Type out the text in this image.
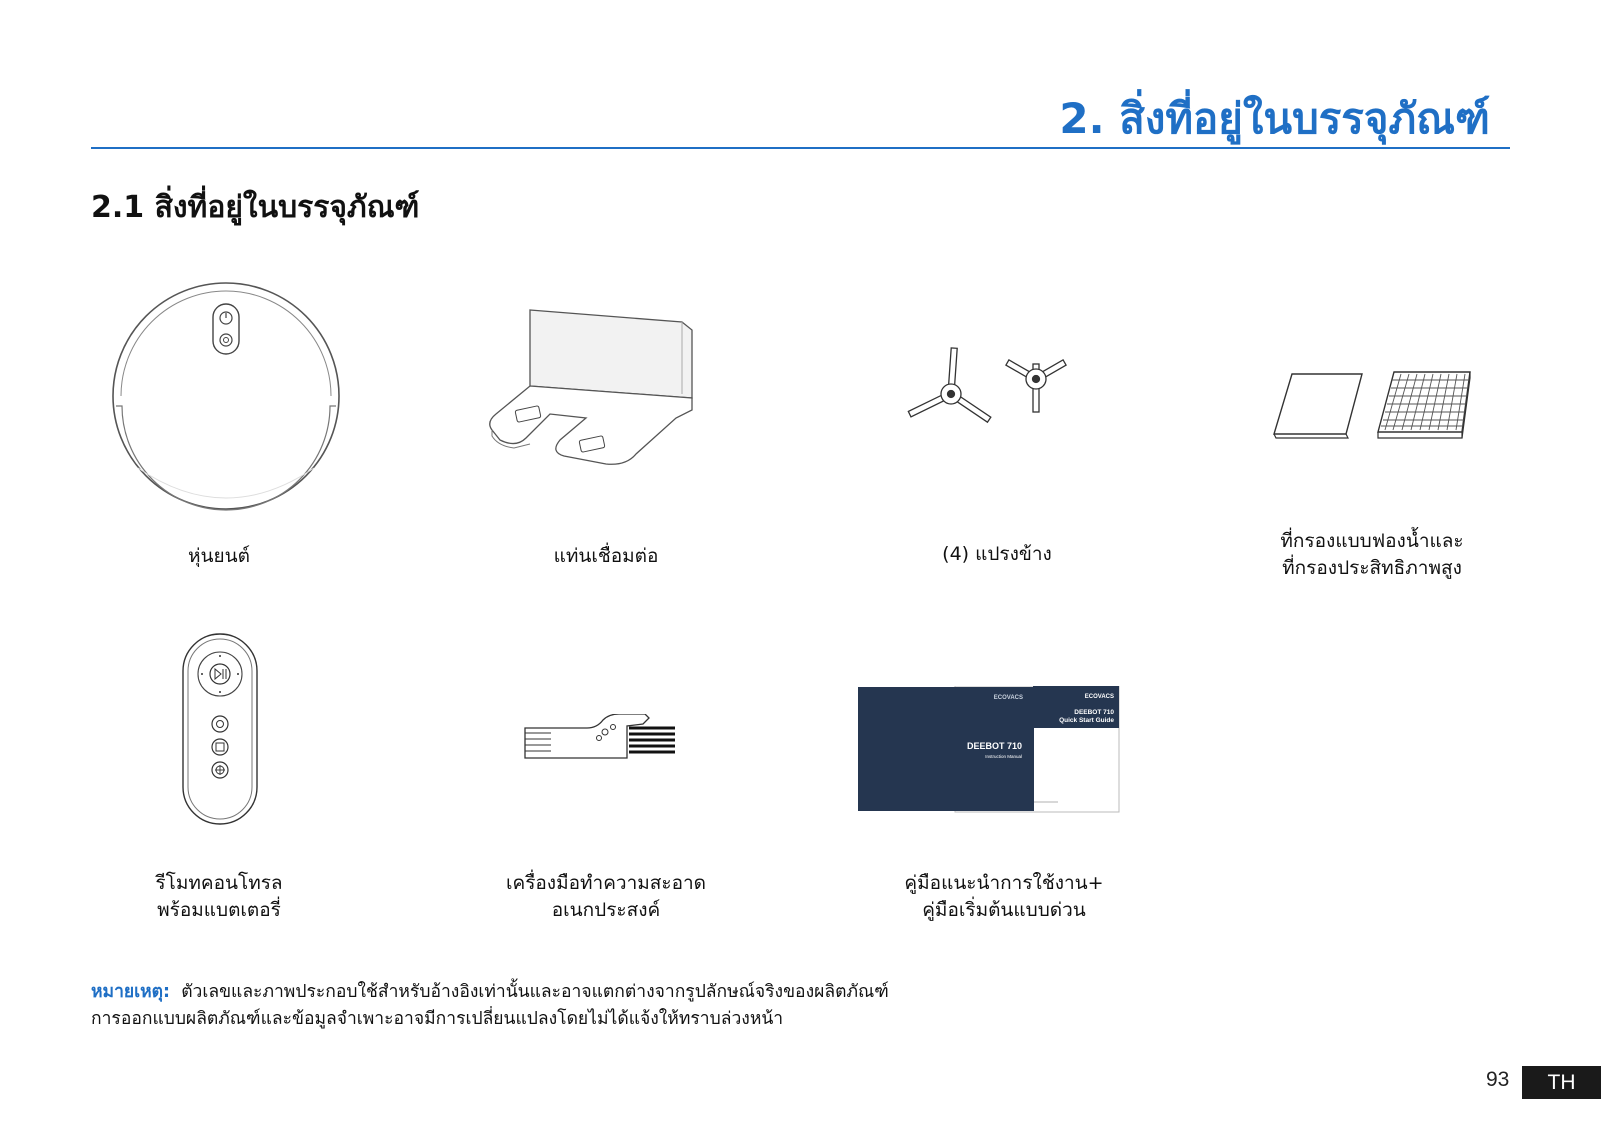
2. สิ่งที่อยู่ในบรรจุภัณฑ์
2.1 สิ่งที่อยู่ในบรรจุภัณฑ์
หุ่นยนต์	แท่นเชื่อมต่อ	(4) แปรงข้าง
ที่กรองแบบฟองน้ำและ
ที่กรองประสิทธิภาพสูง
รีโมทคอนโทรล
พร้อมแบตเตอรี่
เครื่องมือทำความสะอาด
อเนกประสงค์
ECOVACS
DEEBOT 710
Quick Start Guide
ECOVACS
DEEBOT 710
Instruction Manual
คู่มือแนะนำการใช้งาน+
คู่มือเริ่มต้นแบบด่วน
หมายเหตุ: ตัวเลขและภาพประกอบใช้สำหรับอ้างอิงเท่านั้นและอาจแตกต่างจากรูปลักษณ์จริงของผลิตภัณฑ์
การออกแบบผลิตภัณฑ์และข้อมูลจำเพาะอาจมีการเปลี่ยนแปลงโดยไม่ได้แจ้งให้ทราบล่วงหน้า
93	TH
